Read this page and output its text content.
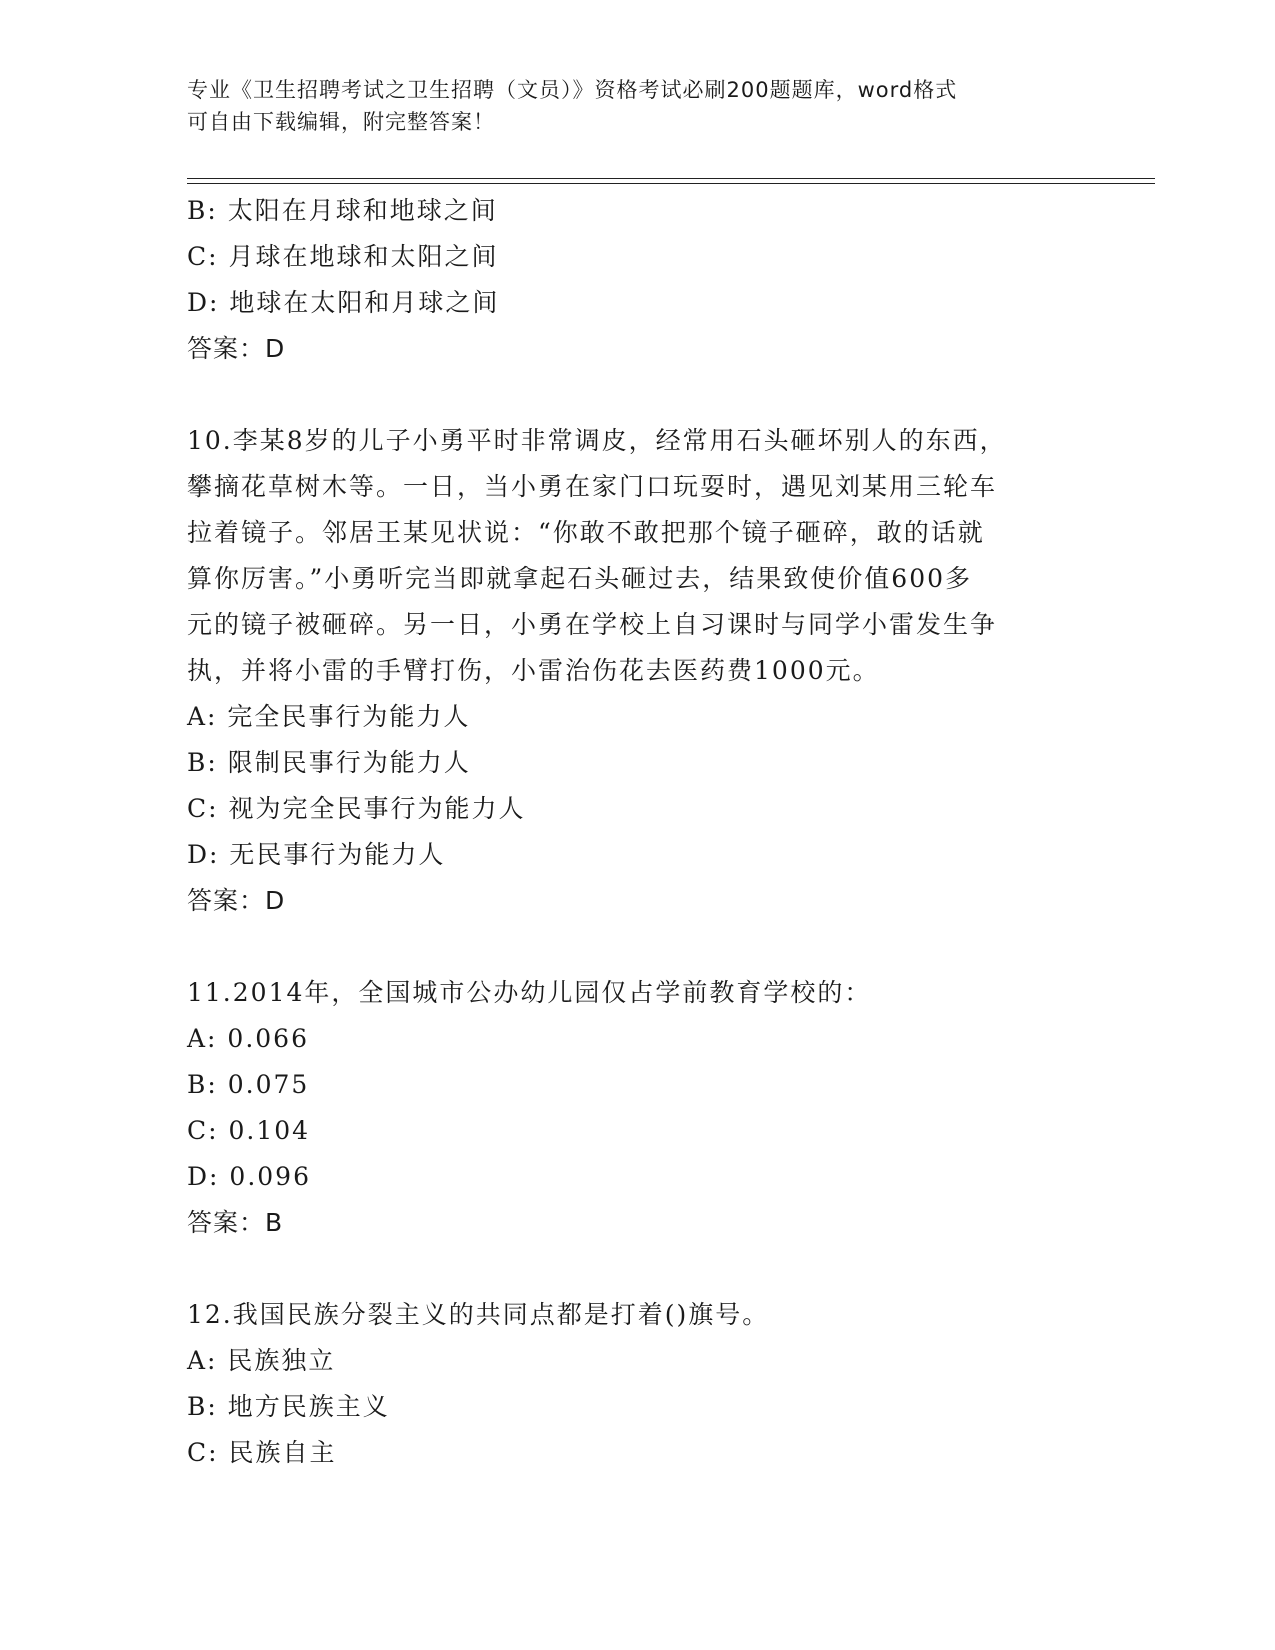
专业《卫生招聘考试之卫生招聘（文员）》资格考试必刷200题题库，word格式
可自由下载编辑，附完整答案！
B: 太阳在月球和地球之间
C: 月球在地球和太阳之间
D: 地球在太阳和月球之间
答案：D
10.李某8岁的儿子小勇平时非常调皮，经常用石头砸坏别人的东西，
攀摘花草树木等。一日，当小勇在家门口玩耍时，遇见刘某用三轮车
拉着镜子。邻居王某见状说：“你敢不敢把那个镜子砸碎，敢的话就
算你厉害。”小勇听完当即就拿起石头砸过去，结果致使价值600多
元的镜子被砸碎。另一日，小勇在学校上自习课时与同学小雷发生争
执，并将小雷的手臂打伤，小雷治伤花去医药费1000元。
A: 完全民事行为能力人
B: 限制民事行为能力人
C: 视为完全民事行为能力人
D: 无民事行为能力人
答案：D
11.2014年，全国城市公办幼儿园仅占学前教育学校的：
A: 0.066
B: 0.075
C: 0.104
D: 0.096
答案：B
12.我国民族分裂主义的共同点都是打着()旗号。
A: 民族独立
B: 地方民族主义
C: 民族自主
